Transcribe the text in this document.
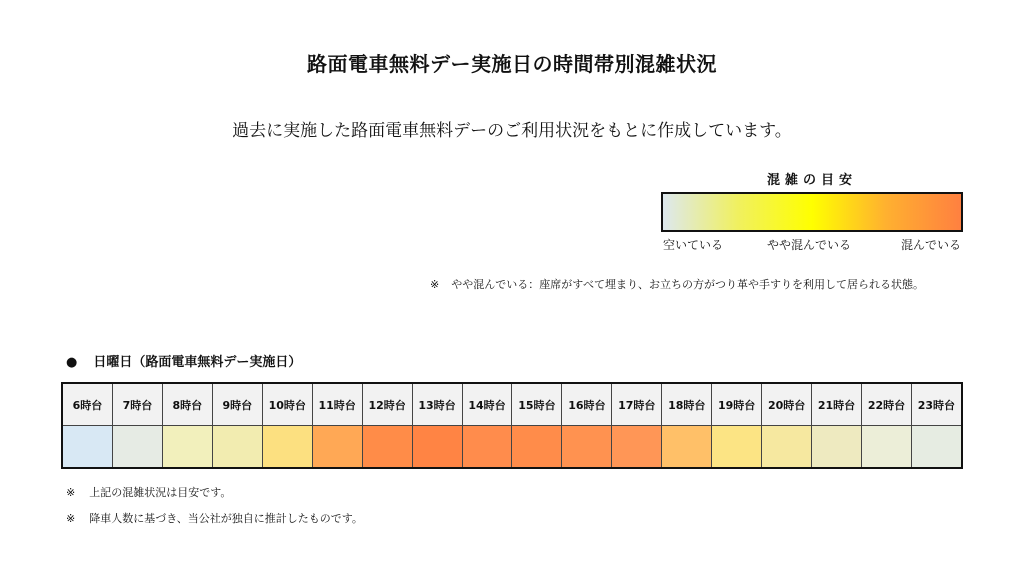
路面電車無料デー実施日の時間帯別混雑状況
過去に実施した路面電車無料デーのご利用状況をもとに作成しています。
混雑の目安
空いている	やや混んでいる	混んでいる
※ やや混んでいる：座席がすべて埋まり、お立ちの方がつり革や手すりを利用して居られる状態。
● 日曜日（路面電車無料デー実施日）
6時台	7時台	8時台	9時台	10時台	11時台	12時台	13時台	14時台	15時台	16時台	17時台	18時台	19時台	20時台	21時台	22時台	23時台
※ 上記の混雑状況は目安です。
※ 降車人数に基づき、当公社が独自に推計したものです。
